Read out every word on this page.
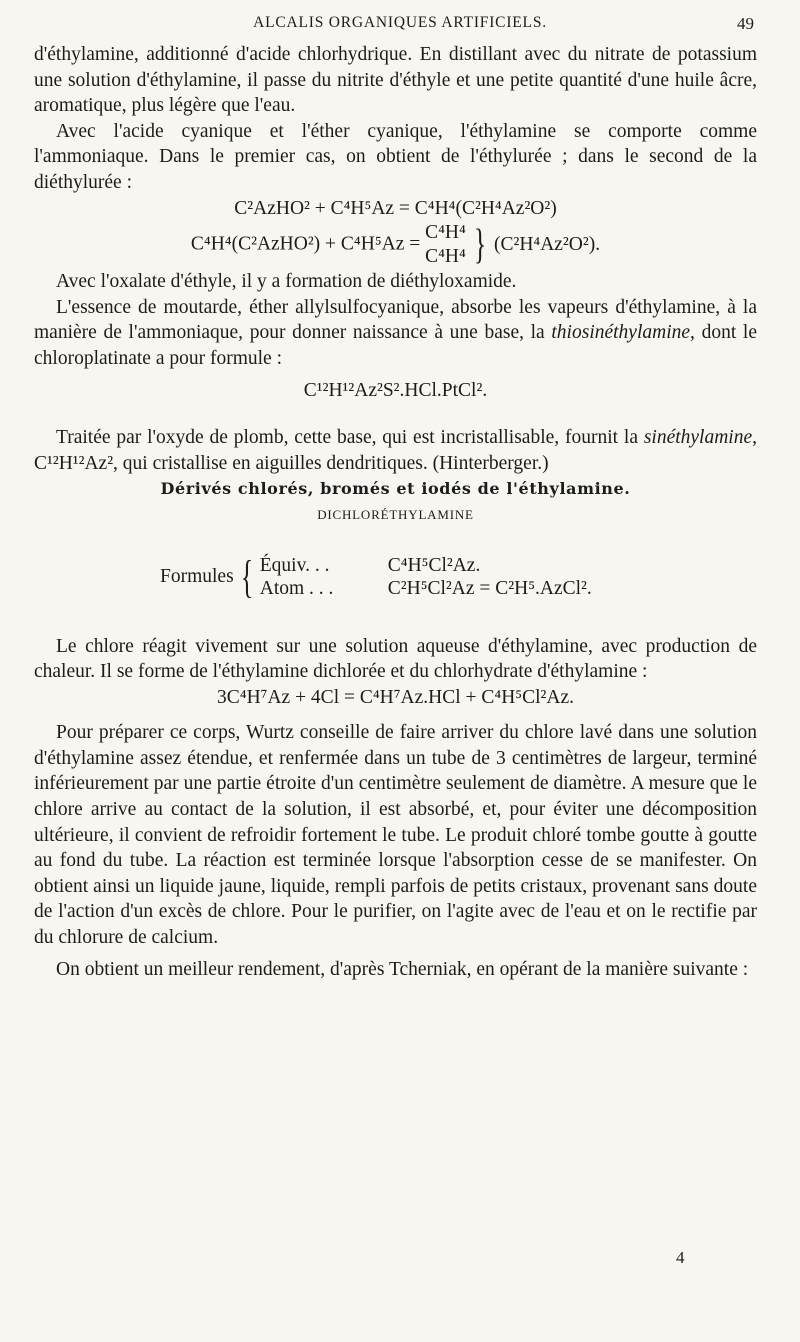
ALCALIS ORGANIQUES ARTIFICIELS.	49

d'éthylamine, additionné d'acide chlorhydrique. En distillant avec du nitrate de potassium une solution d'éthylamine, il passe du nitrite d'éthyle et une petite quantité d'une huile âcre, aromatique, plus légère que l'eau.

Avec l'acide cyanique et l'éther cyanique, l'éthylamine se comporte comme l'ammoniaque. Dans le premier cas, on obtient de l'éthylurée ; dans le second de la diéthylurée :

C²AzHO² + C⁴H⁵Az = C⁴H⁴(C²H⁴Az²O²)

C⁴H⁴(C²AzHO²) + C⁴H⁵Az =
C⁴H⁴
C⁴H⁴ } (C²H⁴Az²O²).

Avec l'oxalate d'éthyle, il y a formation de diéthyloxamide.

L'essence de moutarde, éther allylsulfocyanique, absorbe les vapeurs d'éthylamine, à la manière de l'ammoniaque, pour donner naissance à une base, la thiosinéthylamine, dont le chloroplatinate a pour formule :

C¹²H¹²Az²S².HCl.PtCl².

Traitée par l'oxyde de plomb, cette base, qui est incristallisable, fournit la sinéthylamine, C¹²H¹²Az², qui cristallise en aiguilles dendritiques. (Hinterberger.)

Dérivés chlorés, bromés et iodés de l'éthylamine.

DICHLORÉTHYLAMINE

Formules { Équiv. . .	C⁴H⁵Cl²Az.
Atom . . .	C²H⁵Cl²Az = C²H⁵.AzCl².

Le chlore réagit vivement sur une solution aqueuse d'éthylamine, avec production de chaleur. Il se forme de l'éthylamine dichlorée et du chlorhydrate d'éthylamine :

3C⁴H⁷Az + 4Cl = C⁴H⁷Az.HCl + C⁴H⁵Cl²Az.

Pour préparer ce corps, Wurtz conseille de faire arriver du chlore lavé dans une solution d'éthylamine assez étendue, et renfermée dans un tube de 3 centimètres de largeur, terminé inférieurement par une partie étroite d'un centimètre seulement de diamètre. A mesure que le chlore arrive au contact de la solution, il est absorbé, et, pour éviter une décomposition ultérieure, il convient de refroidir fortement le tube. Le produit chloré tombe goutte à goutte au fond du tube. La réaction est terminée lorsque l'absorption cesse de se manifester. On obtient ainsi un liquide jaune, liquide, rempli parfois de petits cristaux, provenant sans doute de l'action d'un excès de chlore. Pour le purifier, on l'agite avec de l'eau et on le rectifie par du chlorure de calcium.

On obtient un meilleur rendement, d'après Tcherniak, en opérant de la manière suivante :

4
